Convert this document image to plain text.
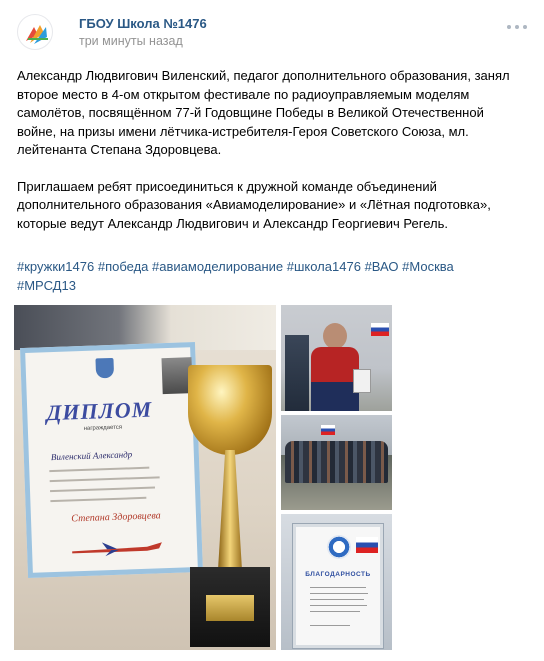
ГБОУ Школа №1476
три минуты назад

Александр Людвигович Виленский, педагог дополнительного образования, занял второе место в 4-ом открытом фестивале по радиоуправляемым моделям самолётов, посвящённом 77-й Годовщине Победы в Великой Отечественной войне, на призы имени лётчика-истребителя-Героя Советского Союза, мл. лейтенанта Степана Здоровцева.

Приглашаем ребят присоединиться к дружной команде объединений дополнительного образования «Авиамоделирование» и «Лётная подготовка», которые ведут Александр Людвигович и Александр Георгиевич Регель.

#кружки1476 #победа #авиамоделирование #школа1476 #ВАО #Москва
#МРСД13
ДИПЛОМ
награждается
Виленский Александр
Степана Здоровцева
БЛАГОДАРНОСТЬ
